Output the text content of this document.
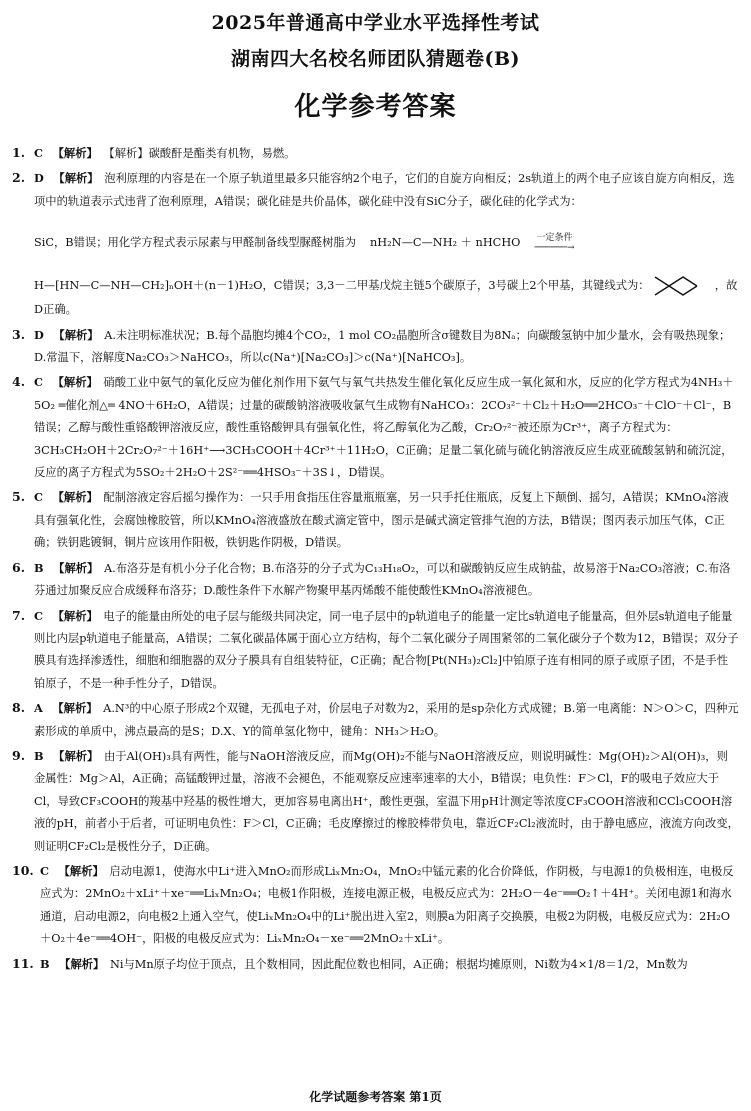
2025年普通高中学业水平选择性考试
湖南四大名校名师团队猜题卷(B)
化学参考答案
1. C 【解析】 【解析】碳酸酐是酯类有机物，易燃。
2. D 【解析】 泡利原理的内容是在一个原子轨道里最多只能容纳2个电子，它们的自旋方向相反；2s轨道上的两个电子应该自旋方向相反，选项中的轨道表示式违背了泡利原理，A错误；碳化硅是共价晶体，碳化硅中没有SiC分子，碳化硅的化学式为：
SiC，B错误；用化学方程式表示尿素与甲醛制备线型脲醛树脂为 nH₂N—C—NH₂ ＋ nHCHO 一定条件
──────→
H—[HN—C—NH—CH₂]ₙOH＋(n－1)H₂O，C错误；3,3－二甲基戊烷主链5个碳原子，3号碳上2个甲基，其键线式为：	，故D正确。
3. D 【解析】 A.未注明标准状况；B.每个晶胞均摊4个CO₂，1 mol CO₂晶胞所含σ键数目为8Nₐ；向碳酸氢钠中加少量水，会有吸热现象；D.常温下，溶解度Na₂CO₃＞NaHCO₃，所以c(Na⁺)[Na₂CO₃]＞c(Na⁺)[NaHCO₃]。
4. C 【解析】 硝酸工业中氨气的氧化反应为催化剂作用下氨气与氧气共热发生催化氧化反应生成一氧化氮和水，反应的化学方程式为4NH₃＋5O₂ ═催化剂△═ 4NO＋6H₂O，A错误；过量的碳酸钠溶液吸收氯气生成物有NaHCO₃：2CO₃²⁻＋Cl₂＋H₂O══2HCO₃⁻＋ClO⁻＋Cl⁻，B错误；乙醇与酸性重铬酸钾溶液反应，酸性重铬酸钾具有强氧化性，将乙醇氧化为乙酸，Cr₂O₇²⁻被还原为Cr³⁺，离子方程式为：3CH₃CH₂OH＋2Cr₂O₇²⁻＋16H⁺⟶3CH₃COOH＋4Cr³⁺＋11H₂O，C正确；足量二氧化硫与硫化钠溶液反应生成亚硫酸氢钠和硫沉淀，反应的离子方程式为5SO₂＋2H₂O＋2S²⁻══4HSO₃⁻＋3S↓，D错误。
5. C 【解析】 配制溶液定容后摇匀操作为：一只手用食指压住容量瓶瓶塞，另一只手托住瓶底，反复上下颠倒、摇匀，A错误；KMnO₄溶液具有强氧化性，会腐蚀橡胶管，所以KMnO₄溶液盛放在酸式滴定管中，图示是碱式滴定管排气泡的方法，B错误；图丙表示加压气体，C正确；铁钥匙镀铜，铜片应该用作阳极，铁钥匙作阴极，D错误。
6. B 【解析】 A.布洛芬是有机小分子化合物；B.布洛芬的分子式为C₁₃H₁₈O₂，可以和碳酸钠反应生成钠盐，故易溶于Na₂CO₃溶液；C.布洛芬通过加聚反应合成缓释布洛芬；D.酸性条件下水解产物聚甲基丙烯酸不能使酸性KMnO₄溶液褪色。
7. C 【解析】 电子的能量由所处的电子层与能级共同决定，同一电子层中的p轨道电子的能量一定比s轨道电子能量高，但外层s轨道电子能量则比内层p轨道电子能量高，A错误；二氧化碳晶体属于面心立方结构，每个二氧化碳分子周围紧邻的二氧化碳分子个数为12，B错误；双分子膜具有选择渗透性，细胞和细胞器的双分子膜具有自组装特征，C正确；配合物[Pt(NH₃)₂Cl₂]中铂原子连有相同的原子或原子团，不是手性铂原子，不是一种手性分子，D错误。
8. A 【解析】 A.N³的中心原子形成2个双键，无孤电子对，价层电子对数为2，采用的是sp杂化方式成键；B.第一电离能：N＞O＞C，四种元素形成的单质中，沸点最高的是S；D.X、Y的简单氢化物中，键角：NH₃＞H₂O。
9. B 【解析】 由于Al(OH)₃具有两性，能与NaOH溶液反应，而Mg(OH)₂不能与NaOH溶液反应，则说明碱性：Mg(OH)₂＞Al(OH)₃，则金属性：Mg＞Al，A正确；高锰酸钾过量，溶液不会褪色，不能观察反应速率速率的大小，B错误；电负性：F＞Cl，F的吸电子效应大于Cl，导致CF₃COOH的羧基中羟基的极性增大，更加容易电离出H⁺，酸性更强，室温下用pH计测定等浓度CF₃COOH溶液和CCl₃COOH溶液的pH，前者小于后者，可证明电负性：F＞Cl，C正确；毛皮摩擦过的橡胶棒带负电，靠近CF₂Cl₂液流时，由于静电感应，液流方向改变，则证明CF₂Cl₂是极性分子，D正确。
10. C 【解析】 启动电源1，使海水中Li⁺进入MnO₂而形成LiₓMn₂O₄，MnO₂中锰元素的化合价降低，作阴极，与电源1的负极相连，电极反应式为：2MnO₂＋xLi⁺＋xe⁻══LiₓMn₂O₄；电极1作阳极，连接电源正极，电极反应式为：2H₂O－4e⁻══O₂↑＋4H⁺。关闭电源1和海水通道，启动电源2，向电极2上通入空气，使LiₓMn₂O₄中的Li⁺脱出进入室2，则膜a为阳离子交换膜，电极2为阴极，电极反应式为：2H₂O＋O₂＋4e⁻══4OH⁻，阳极的电极反应式为：LiₓMn₂O₄－xe⁻══2MnO₂＋xLi⁺。
11. B 【解析】 Ni与Mn原子均位于顶点，且个数相同，因此配位数也相同，A正确；根据均摊原则，Ni数为4×1/8＝1/2，Mn数为
化学试题参考答案 第1页
